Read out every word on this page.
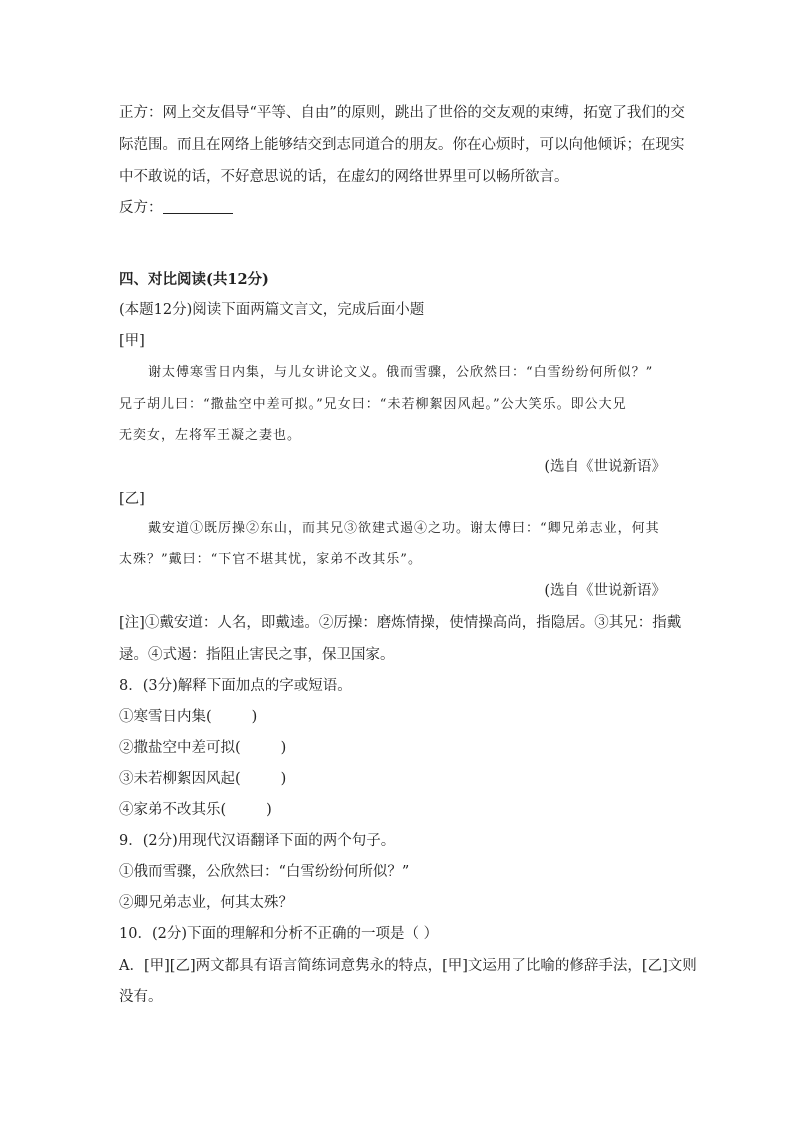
正方：网上交友倡导“平等、自由”的原则，跳出了世俗的交友观的束缚，拓宽了我们的交
际范围。而且在网络上能够结交到志同道合的朋友。你在心烦时，可以向他倾诉；在现实
中不敢说的话，不好意思说的话，在虚幻的网络世界里可以畅所欲言。
反方：
四、对比阅读(共12分)
(本题12分)阅读下面两篇文言文，完成后面小题
[甲]
谢太傅寒雪日内集，与儿女讲论文义。俄而雪骤，公欣然曰：“白雪纷纷何所似？”
兄子胡儿曰：“撒盐空中差可拟。”兄女曰：“未若柳絮因风起。”公大笑乐。即公大兄
无奕女，左将军王凝之妻也。
(选自《世说新语》
[乙]
戴安道①既厉操②东山，而其兄③欲建式遏④之功。谢太傅曰：“卿兄弟志业，何其
太殊？”戴曰：“下官不堪其忧，家弟不改其乐”。
(选自《世说新语》
[注]①戴安道：人名，即戴逵。②厉操：磨炼情操，使情操高尚，指隐居。③其兄：指戴
逯。④式遏：指阻止害民之事，保卫国家。
8．(3分)解释下面加点的字或短语。
①寒雪日内集(	)
②撒盐空中差可拟(	)
③未若柳絮因风起(	)
④家弟不改其乐(	)
9．(2分)用现代汉语翻译下面的两个句子。
①俄而雪骤，公欣然曰：“白雪纷纷何所似？”
②卿兄弟志业，何其太殊？
10．(2分)下面的理解和分析不正确的一项是（ ）
A．[甲][乙]两文都具有语言简练词意隽永的特点，[甲]文运用了比喻的修辞手法，[乙]文则
没有。
